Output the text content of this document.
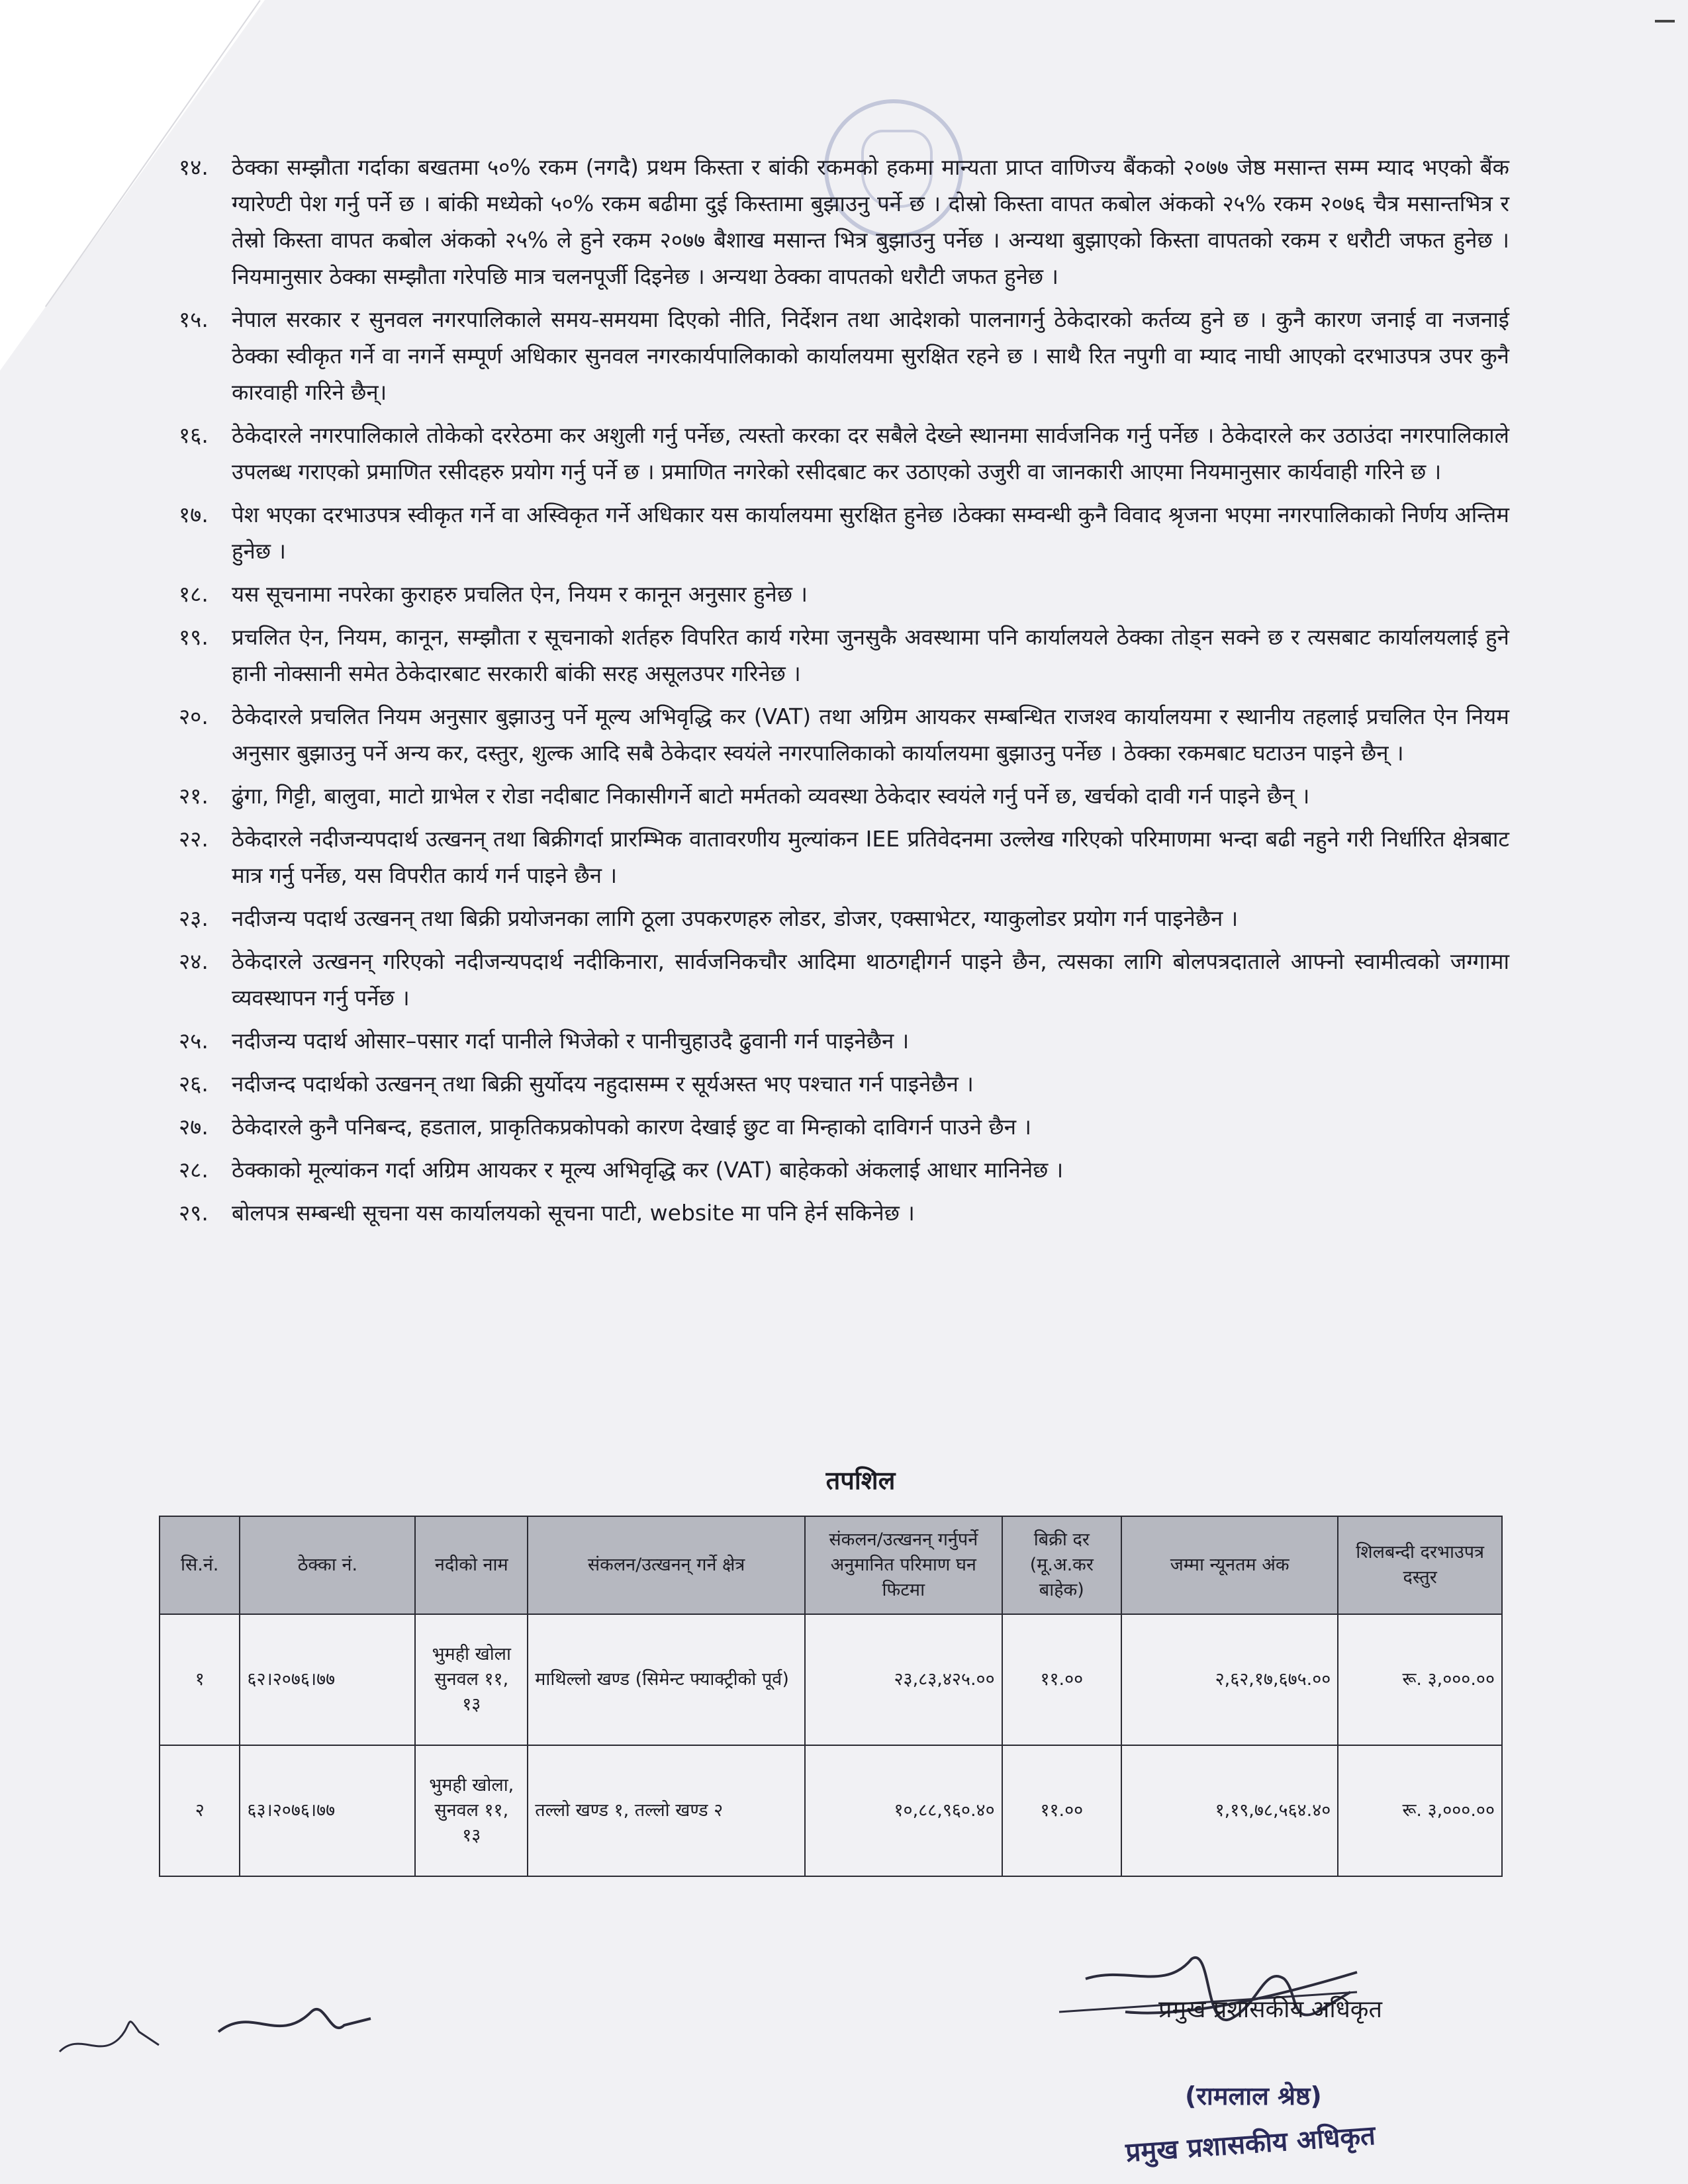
१४.	ठेक्का सम्झौता गर्दाका बखतमा ५०% रकम (नगदै) प्रथम किस्ता र बांकी रकमको हकमा मान्यता प्राप्त वाणिज्य बैंकको २०७७ जेष्ठ मसान्त सम्म म्याद भएको बैंक ग्यारेण्टी पेश गर्नु पर्ने छ । बांकी मध्येको ५०% रकम बढीमा दुई किस्तामा बुझाउनु पर्ने छ । दोस्रो किस्ता वापत कबोल अंकको २५% रकम २०७६ चैत्र मसान्तभित्र र तेस्रो किस्ता वापत कबोल अंकको २५% ले हुने रकम २०७७ बैशाख मसान्त भित्र बुझाउनु पर्नेछ । अन्यथा बुझाएको किस्ता वापतको रकम र धरौटी जफत हुनेछ । नियमानुसार ठेक्का सम्झौता गरेपछि मात्र चलनपूर्जी दिइनेछ । अन्यथा ठेक्का वापतको धरौटी जफत हुनेछ ।
१५.	नेपाल सरकार र सुनवल नगरपालिकाले समय-समयमा दिएको नीति, निर्देशन तथा आदेशको पालनागर्नु ठेकेदारको कर्तव्य हुने छ । कुनै कारण जनाई वा नजनाई ठेक्का स्वीकृत गर्ने वा नगर्ने सम्पूर्ण अधिकार सुनवल नगरकार्यपालिकाको कार्यालयमा सुरक्षित रहने छ । साथै रित नपुगी वा म्याद नाघी आएको दरभाउपत्र उपर कुनै कारवाही गरिने छैन्।
१६.	ठेकेदारले नगरपालिकाले तोकेको दररेठमा कर अशुली गर्नु पर्नेछ, त्यस्तो करका दर सबैले देख्ने स्थानमा सार्वजनिक गर्नु पर्नेछ । ठेकेदारले कर उठाउंदा नगरपालिकाले उपलब्ध गराएको प्रमाणित रसीदहरु प्रयोग गर्नु पर्ने छ । प्रमाणित नगरेको रसीदबाट कर उठाएको उजुरी वा जानकारी आएमा नियमानुसार कार्यवाही गरिने छ ।
१७.	पेश भएका दरभाउपत्र स्वीकृत गर्ने वा अस्विकृत गर्ने अधिकार यस कार्यालयमा सुरक्षित हुनेछ ।ठेक्का सम्वन्धी कुनै विवाद श्रृजना भएमा नगरपालिकाको निर्णय अन्तिम हुनेछ ।
१८.	यस सूचनामा नपरेका कुराहरु प्रचलित ऐन, नियम र कानून अनुसार हुनेछ ।
१९.	प्रचलित ऐन, नियम, कानून, सम्झौता र सूचनाको शर्तहरु विपरित कार्य गरेमा जुनसुकै अवस्थामा पनि कार्यालयले ठेक्का तोड्न सक्ने छ र त्यसबाट कार्यालयलाई हुने हानी नोक्सानी समेत ठेकेदारबाट सरकारी बांकी सरह असूलउपर गरिनेछ ।
२०.	ठेकेदारले प्रचलित नियम अनुसार बुझाउनु पर्ने मूल्य अभिवृद्धि कर (VAT) तथा अग्रिम आयकर सम्बन्धित राजश्व कार्यालयमा र स्थानीय तहलाई प्रचलित ऐन नियम अनुसार बुझाउनु पर्ने अन्य कर, दस्तुर, शुल्क आदि सबै ठेकेदार स्वयंले नगरपालिकाको कार्यालयमा बुझाउनु पर्नेछ । ठेक्का रकमबाट घटाउन पाइने छैन् ।
२१.	ढुंगा, गिट्टी, बालुवा, माटो ग्राभेल र रोडा नदीबाट निकासीगर्ने बाटो मर्मतको व्यवस्था ठेकेदार स्वयंले गर्नु पर्ने छ, खर्चको दावी गर्न पाइने छैन् ।
२२.	ठेकेदारले नदीजन्यपदार्थ उत्खनन् तथा बिक्रीगर्दा प्रारम्भिक वातावरणीय मुल्यांकन IEE प्रतिवेदनमा उल्लेख गरिएको परिमाणमा भन्दा बढी नहुने गरी निर्धारित क्षेत्रबाट मात्र गर्नु पर्नेछ, यस विपरीत कार्य गर्न पाइने छैन ।
२३.	नदीजन्य पदार्थ उत्खनन् तथा बिक्री प्रयोजनका लागि ठूला उपकरणहरु लोडर, डोजर, एक्साभेटर, ग्याकुलोडर प्रयोग गर्न पाइनेछैन ।
२४.	ठेकेदारले उत्खनन् गरिएको नदीजन्यपदार्थ नदीकिनारा, सार्वजनिकचौर आदिमा थाठगद्दीगर्न पाइने छैन, त्यसका लागि बोलपत्रदाताले आफ्नो स्वामीत्वको जग्गामा व्यवस्थापन गर्नु पर्नेछ ।
२५.	नदीजन्य पदार्थ ओसार–पसार गर्दा पानीले भिजेको र पानीचुहाउदै ढुवानी गर्न पाइनेछैन ।
२६.	नदीजन्द पदार्थको उत्खनन् तथा बिक्री सुर्योदय नहुदासम्म र सूर्यअस्त भए पश्चात गर्न पाइनेछैन ।
२७.	ठेकेदारले कुनै पनिबन्द, हडताल, प्राकृतिकप्रकोपको कारण देखाई छुट वा मिन्हाको दाविगर्न पाउने छैन ।
२८.	ठेक्काको मूल्यांकन गर्दा अग्रिम आयकर र मूल्य अभिवृद्धि कर (VAT) बाहेकको अंकलाई आधार मानिनेछ ।
२९.	बोलपत्र सम्बन्धी सूचना यस कार्यालयको सूचना पाटी, website मा पनि हेर्न सकिनेछ ।
तपशिल
सि.नं.	ठेक्का नं.	नदीको नाम	संकलन/उत्खनन् गर्ने क्षेत्र	संकलन/उत्खनन् गर्नुपर्ने अनुमानित परिमाण घन फिटमा	बिक्री दर (मू.अ.कर बाहेक)	जम्मा न्यूनतम अंक	शिलबन्दी दरभाउपत्र दस्तुर
१	६२।२०७६।७७	भुमही खोला सुनवल ११, १३	माथिल्लो खण्ड (सिमेन्ट फ्याक्ट्रीको पूर्व)	२३,८३,४२५.००	११.००	२,६२,१७,६७५.००	रू. ३,०००.००
२	६३।२०७६।७७	भुमही खोला, सुनवल ११, १३	तल्लो खण्ड १, तल्लो खण्ड २	१०,८८,९६०.४०	११.००	१,१९,७८,५६४.४०	रू. ३,०००.००
प्रमुख प्रशासकीय अधिकृत
(रामलाल श्रेष्ठ)
प्रमुख प्रशासकीय अधिकृत
